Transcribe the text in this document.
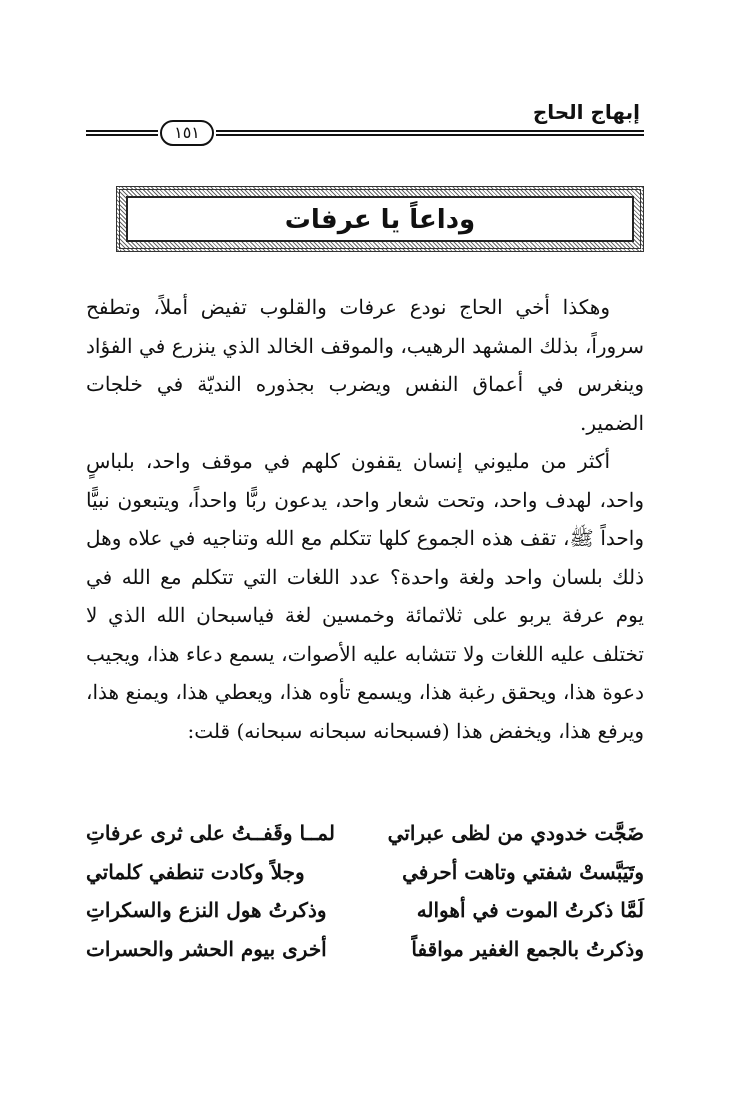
إبهاج الحاج
١٥١
وداعاً يا عرفات

وهكذا أخي الحاج نودع عرفات والقلوب تفيض أملاً، وتطفح سروراً، بذلك المشهد الرهيب، والموقف الخالد الذي ينزرع في الفؤاد وينغرس في أعماق النفس ويضرب بجذوره النديّة في خلجات الضمير.

أكثر من مليوني إنسان يقفون كلهم في موقف واحد، بلباسٍ واحد، لهدف واحد، وتحت شعار واحد، يدعون ربًّا واحداً، ويتبعون نبيًّا واحداً ﷺ، تقف هذه الجموع كلها تتكلم مع الله وتناجيه في علاه وهل ذلك بلسان واحد ولغة واحدة؟ عدد اللغات التي تتكلم مع الله في يوم عرفة يربو على ثلاثمائة وخمسين لغة فياسبحان الله الذي لا تختلف عليه اللغات ولا تتشابه عليه الأصوات، يسمع دعاء هذا، ويجيب دعوة هذا، ويحقق رغبة هذا، ويسمع تأوه هذا، ويعطي هذا، ويمنع هذا، ويرفع هذا، ويخفض هذا (فسبحانه سبحانه سبحانه) قلت:

ضَجَّت خدودي من لظى عبراتي
لمــا وقَفــتُ على ثرى عرفاتِ
وتَيَبَّستْ شفتي وتاهت أحرفي
وجلاً وكادت تنطفي كلماتي
لَمَّا ذكرتُ الموت في أهواله
وذكرتُ هول النزع والسكراتِ
وذكرتُ بالجمع الغفير مواقفاً
أخرى بيوم الحشر والحسرات
